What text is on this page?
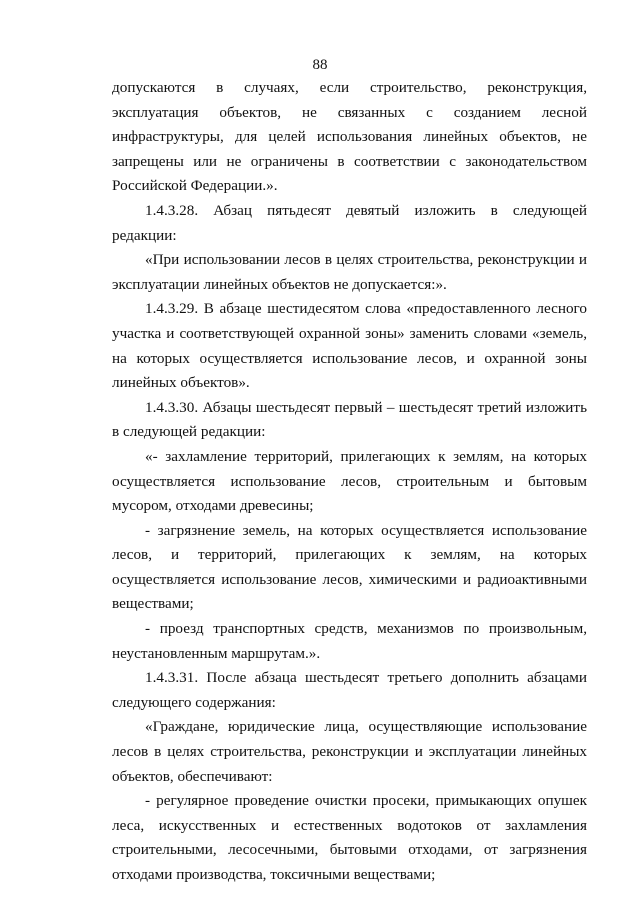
88

допускаются в случаях, если строительство, реконструкция, эксплуатация объектов, не связанных с созданием лесной инфраструктуры, для целей использования линейных объектов, не запрещены или не ограничены в соответствии с законодательством Российской Федерации.».

1.4.3.28. Абзац пятьдесят девятый изложить в следующей редакции:

«При использовании лесов в целях строительства, реконструкции и эксплуатации линейных объектов не допускается:».

1.4.3.29. В абзаце шестидесятом слова «предоставленного лесного участка и соответствующей охранной зоны» заменить словами «земель, на которых осуществляется использование лесов, и охранной зоны линейных объектов».

1.4.3.30. Абзацы шестьдесят первый – шестьдесят третий изложить в следующей редакции:

«- захламление территорий, прилегающих к землям, на которых осуществляется использование лесов, строительным и бытовым мусором, отходами древесины;

- загрязнение земель, на которых осуществляется использование лесов, и территорий, прилегающих к землям, на которых осуществляется использование лесов, химическими и радиоактивными веществами;

- проезд транспортных средств, механизмов по произвольным, неустановленным маршрутам.».

1.4.3.31. После абзаца шестьдесят третьего дополнить абзацами следующего содержания:

«Граждане, юридические лица, осуществляющие использование лесов в целях строительства, реконструкции и эксплуатации линейных объектов, обеспечивают:

- регулярное проведение очистки просеки, примыкающих опушек леса, искусственных и естественных водотоков от захламления строительными, лесосечными, бытовыми отходами, от загрязнения отходами производства, токсичными веществами;
